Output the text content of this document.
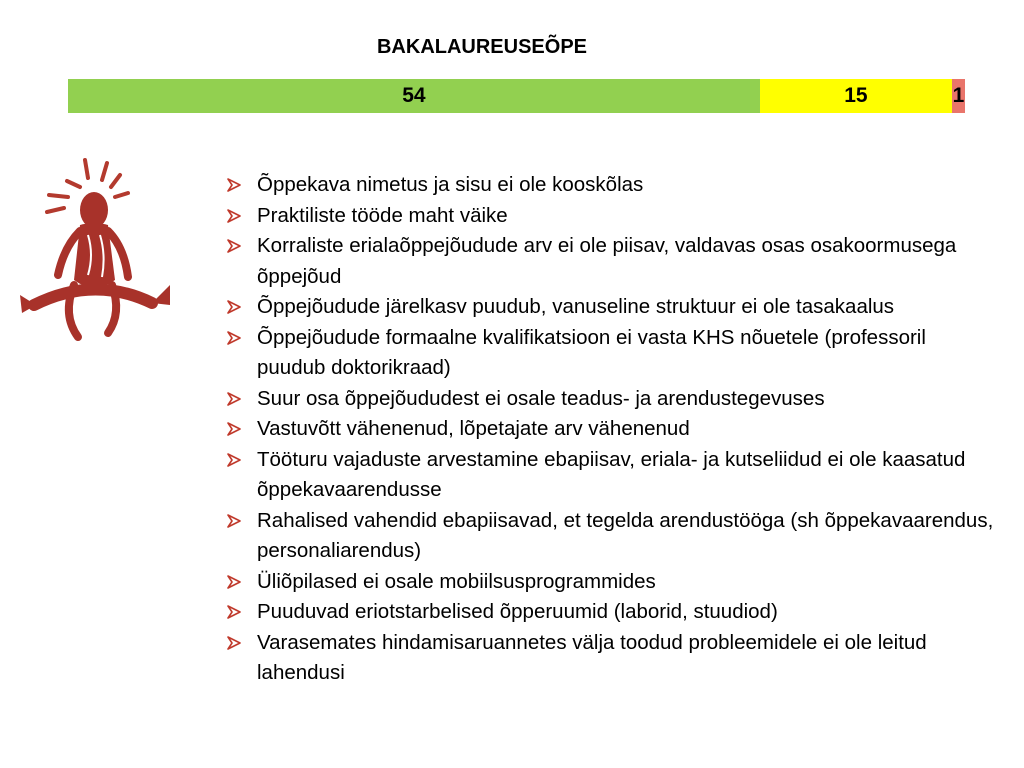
BAKALAUREUSEÕPE
54	15	1
Õppekava nimetus ja sisu ei ole kooskõlas
Praktiliste tööde maht väike
Korraliste erialaõppejõudude arv ei ole piisav, valdavas osas osakoormusega õppejõud
Õppejõudude järelkasv puudub, vanuseline struktuur ei ole tasakaalus
Õppejõudude formaalne kvalifikatsioon ei vasta KHS nõuetele (professoril puudub doktorikraad)
Suur osa õppejõududest ei osale teadus- ja arendustegevuses
Vastuvõtt vähenenud, lõpetajate arv vähenenud
Tööturu vajaduste arvestamine ebapiisav, eriala- ja kutseliidud ei ole kaasatud õppekavaarendusse
Rahalised vahendid ebapiisavad, et tegelda arendustööga (sh õppekavaarendus, personaliarendus)
Üliõpilased ei osale mobiilsusprogrammides
Puuduvad eriotstarbelised õpperuumid (laborid, stuudiod)
Varasemates hindamisaruannetes välja toodud probleemidele ei ole leitud lahendusi
